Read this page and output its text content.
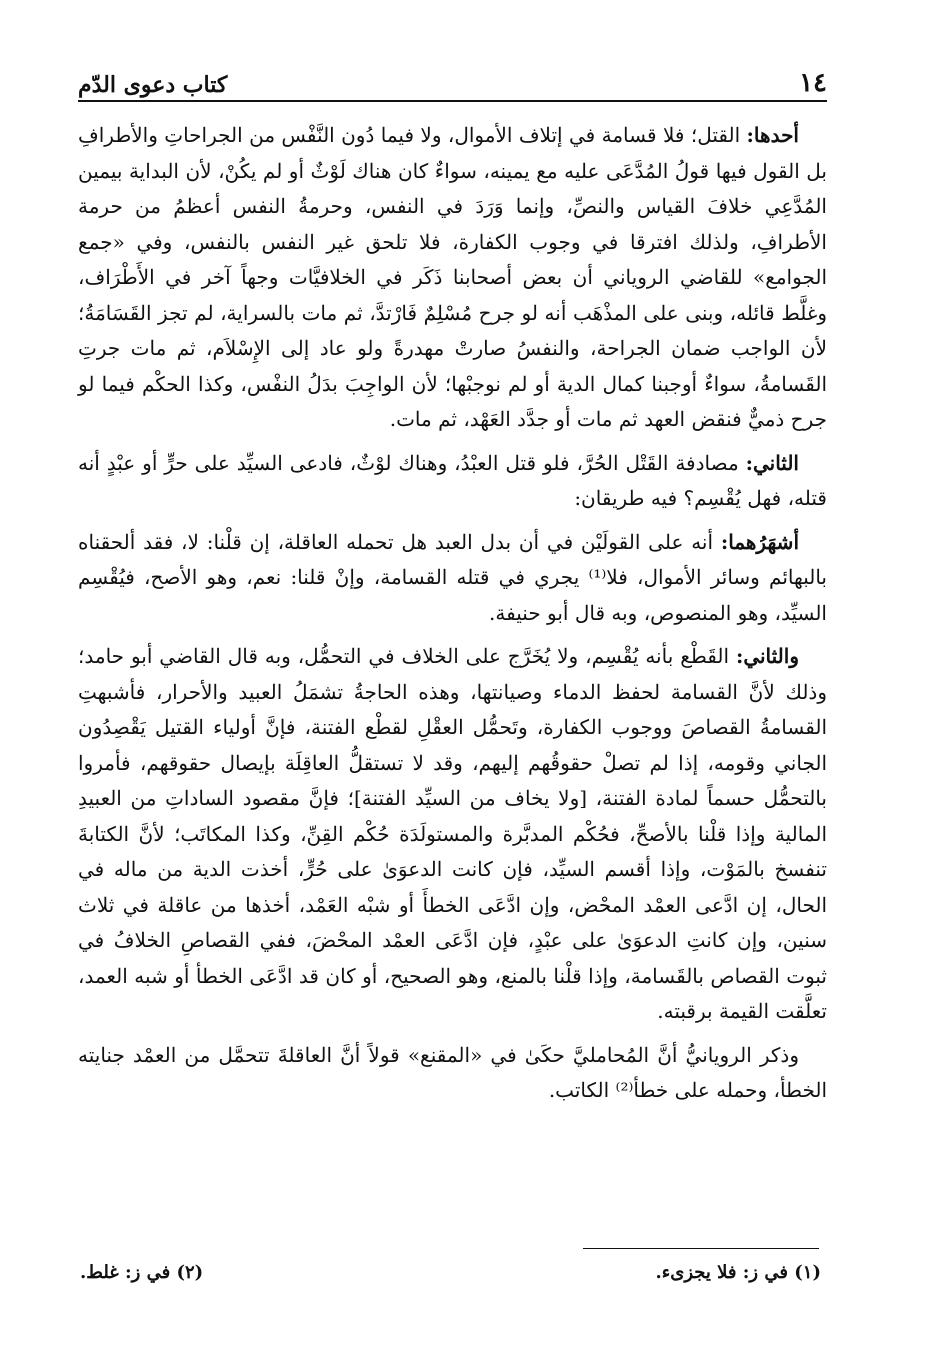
١٤
كتاب دعوى الدّم

أحدها: القتل؛ فلا قسامة في إتلاف الأموال، ولا فيما دُون النَّفْس من الجراحاتِ والأطرافِ بل القول فيها قولُ المُدَّعَى عليه مع يمينه، سواءٌ كان هناك لَوْثٌ أو لم يكُنْ، لأن البداية بيمين المُدَّعِي خلافَ القياس والنصِّ، وإنما وَرَدَ في النفس، وحرمةُ النفس أعظمُ من حرمة الأطرافِ، ولذلك افترقا في وجوب الكفارة، فلا تلحق غير النفس بالنفس، وفي «جمع الجوامع» للقاضي الروياني أن بعض أصحابنا ذَكَر في الخلافيَّات وجهاً آخر في الأَطْرَاف، وغلَّط قائله، وبنى على المذْهَب أنه لو جرح مُسْلِمٌ فَارْتدَّ، ثم مات بالسراية، لم تجز القَسَامَةُ؛ لأن الواجب ضمان الجراحة، والنفسُ صارتْ مهدرةً ولو عاد إلى الإِسْلاَم، ثم مات جرتِ القَسامةُ، سواءٌ أوجبنا كمال الدية أو لم نوجبْها؛ لأن الواجِبَ بدَلُ النفْس، وكذا الحكْم فيما لو جرح ذميٌّ فنقض العهد ثم مات أو جدَّد العَهْد، ثم مات.

الثاني: مصادفة القَتْل الحُرَّ، فلو قتل العبْدُ، وهناك لوْثٌ، فادعى السيِّد على حرٍّ أو عبْدٍ أنه قتله، فهل يُقْسِم؟ فيه طريقان:

أشهَرُهما: أنه على القولَيْن في أن بدل العبد هل تحمله العاقلة، إن قلْنا: لا، فقد ألحقناه بالبهائم وسائر الأموال، فلا⁽¹⁾ يجري في قتله القسامة، وإنْ قلنا: نعم، وهو الأصح، فيُقْسِم السيِّد، وهو المنصوص، وبه قال أبو حنيفة.

والثاني: القَطْع بأنه يُقْسِم، ولا يُخَرَّج على الخلاف في التحمُّل، وبه قال القاضي أبو حامد؛ وذلك لأنَّ القسامة لحفظ الدماء وصيانتها، وهذه الحاجةُ تشمَلُ العبيد والأحرار، فأشبهتِ القسامةُ القصاصَ ووجوب الكفارة، وتَحمُّل العقْلِ لقطْع الفتنة، فإنَّ أولياء القتيل يَقْصِدُون الجاني وقومه، إذا لم تصلْ حقوقُهم إليهم، وقد لا تستقلُّ العاقِلَة بإيصال حقوقهم، فأمروا بالتحمُّل حسماً لمادة الفتنة، [ولا يخاف من السيِّد الفتنة]؛ فإنَّ مقصود الساداتِ من العبيدِ المالية وإذا قلْنا بالأصحِّ، فحُكْم المدبَّرة والمستولَدَة حُكْم القِنِّ، وكذا المكاتَب؛ لأنَّ الكتابةَ تنفسخ بالمَوْت، وإذا أقسم السيِّد، فإن كانت الدعوَىٰ على حُرٍّ، أخذت الدية من ماله في الحال، إن ادَّعى العمْد المحْض، وإن ادَّعَى الخطأَ أو شبْه العَمْد، أخذها من عاقلة في ثلاث سنين، وإن كانتِ الدعوَىٰ على عبْدٍ، فإن ادَّعَى العمْد المحْضَ، ففي القصاصِ الخلافُ في ثبوت القصاص بالقَسامة، وإذا قلْنا بالمنع، وهو الصحيح، أو كان قد ادَّعَى الخطأ أو شبه العمد، تعلَّقت القيمة برقبته.

وذكر الرويانيُّ أنَّ المُحامليَّ حكَىٰ في «المقنع» قولاً أنَّ العاقلةَ تتحمَّل من العمْد جنايته الخطأ، وحمله على خطأ⁽²⁾ الكاتب.

(١) في ز: فلا يجزىء.
(٢) في ز: غلط.
